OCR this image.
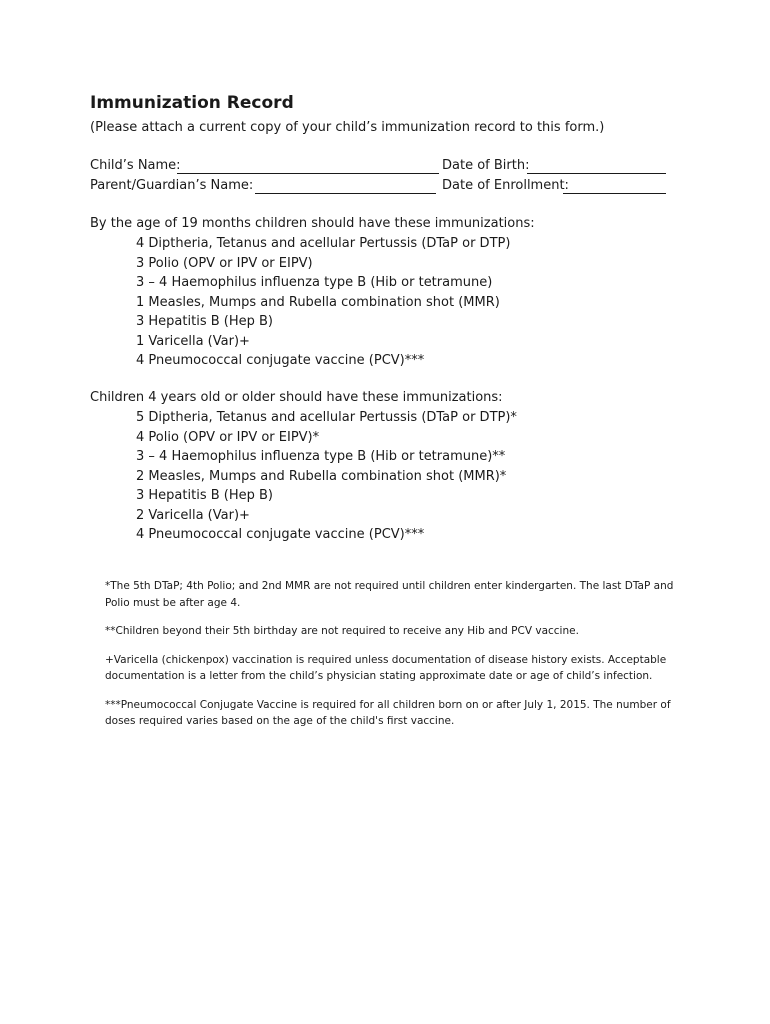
Immunization Record

(Please attach a current copy of your child’s immunization record to this form.)

Child’s Name:	Date of Birth:
Parent/Guardian’s Name:	Date of Enrollment:

By the age of 19 months children should have these immunizations:

4 Diptheria, Tetanus and acellular Pertussis (DTaP or DTP)
3 Polio (OPV or IPV or EIPV)
3 – 4 Haemophilus influenza type B (Hib or tetramune)
1 Measles, Mumps and Rubella combination shot (MMR)
3 Hepatitis B (Hep B)
1 Varicella (Var)+
4 Pneumococcal conjugate vaccine (PCV)***

Children 4 years old or older should have these immunizations:

5 Diptheria, Tetanus and acellular Pertussis (DTaP or DTP)*
4 Polio (OPV or IPV or EIPV)*
3 – 4 Haemophilus influenza type B (Hib or tetramune)**
2 Measles, Mumps and Rubella combination shot (MMR)*
3 Hepatitis B (Hep B)
2 Varicella (Var)+
4 Pneumococcal conjugate vaccine (PCV)***

*The 5th DTaP; 4th Polio; and 2nd MMR are not required until children enter kindergarten. The last DTaP and Polio must be after age 4.

**Children beyond their 5th birthday are not required to receive any Hib and PCV vaccine.

+Varicella (chickenpox) vaccination is required unless documentation of disease history exists. Acceptable documentation is a letter from the child’s physician stating approximate date or age of child’s infection.

***Pneumococcal Conjugate Vaccine is required for all children born on or after July 1, 2015. The number of doses required varies based on the age of the child's first vaccine.
